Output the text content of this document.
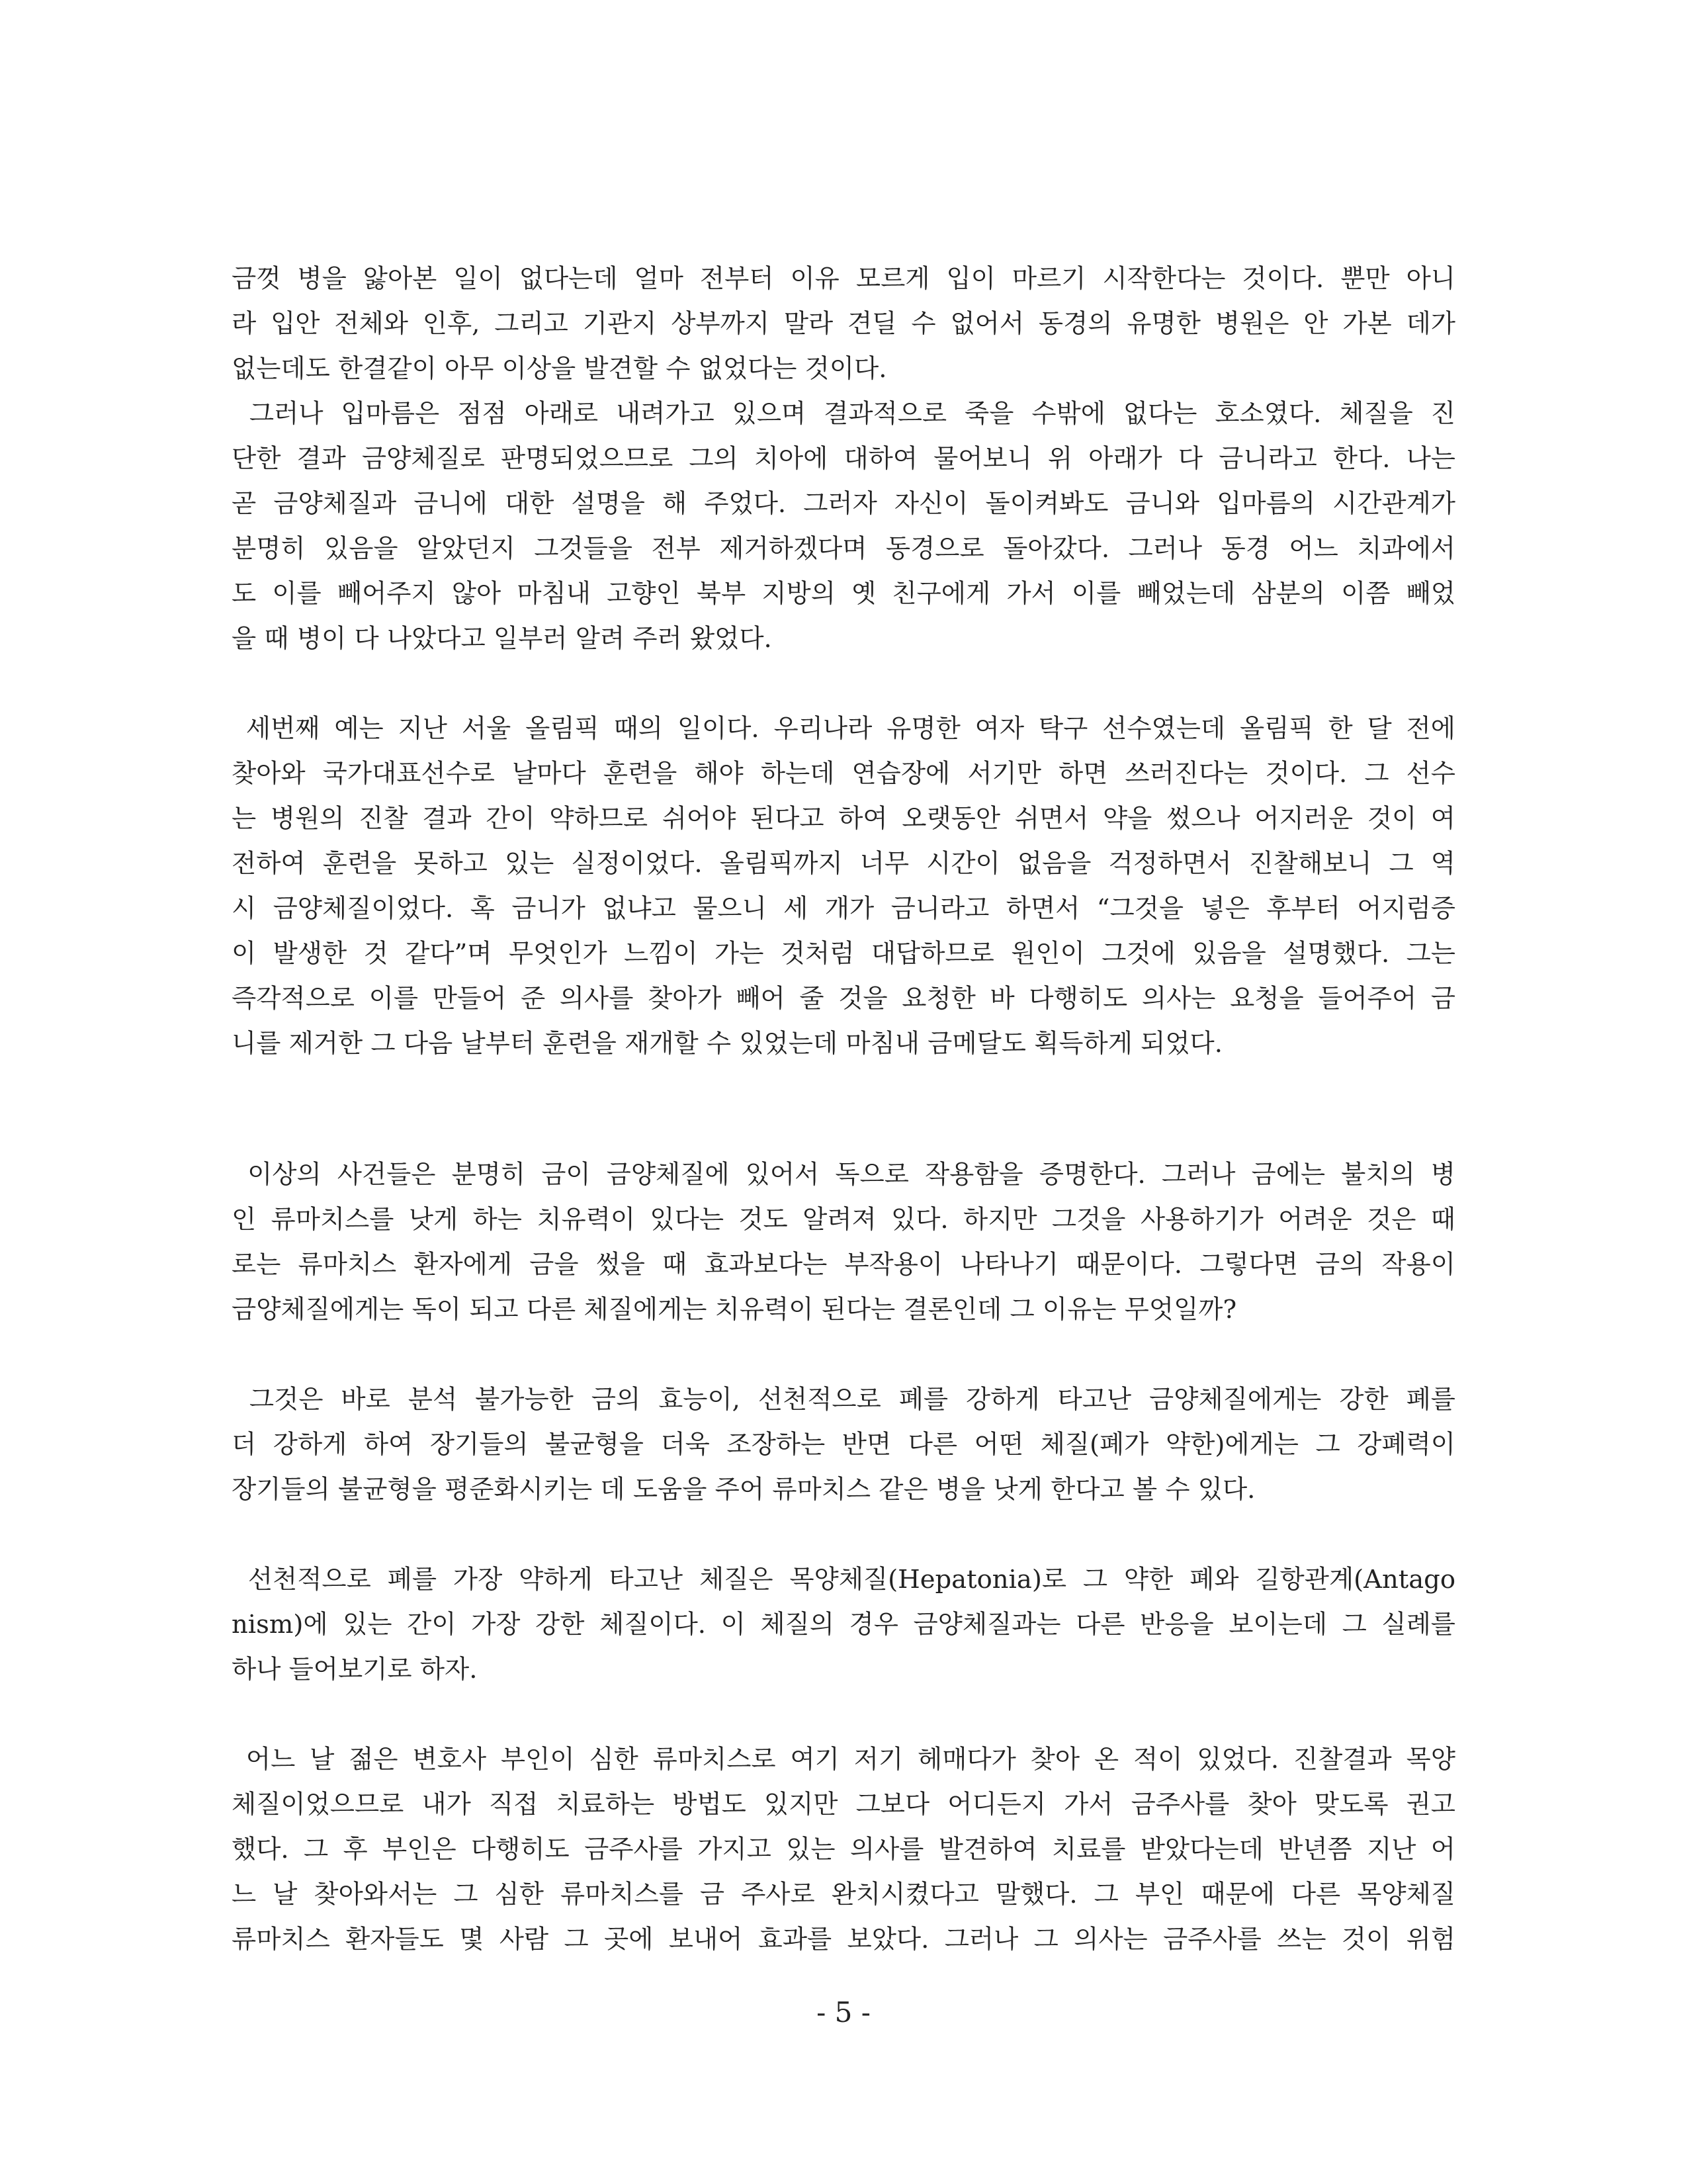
금껏 병을 앓아본 일이 없다는데 얼마 전부터 이유 모르게 입이 마르기 시작한다는 것이다. 뿐만 아니
라 입안 전체와 인후, 그리고 기관지 상부까지 말라 견딜 수 없어서 동경의 유명한 병원은 안 가본 데가
없는데도 한결같이 아무 이상을 발견할 수 없었다는 것이다.

그러나 입마름은 점점 아래로 내려가고 있으며 결과적으로 죽을 수밖에 없다는 호소였다. 체질을 진
단한 결과 금양체질로 판명되었으므로 그의 치아에 대하여 물어보니 위 아래가 다 금니라고 한다. 나는
곧 금양체질과 금니에 대한 설명을 해 주었다. 그러자 자신이 돌이켜봐도 금니와 입마름의 시간관계가
분명히 있음을 알았던지 그것들을 전부 제거하겠다며 동경으로 돌아갔다. 그러나 동경 어느 치과에서
도 이를 빼어주지 않아 마침내 고향인 북부 지방의 옛 친구에게 가서 이를 빼었는데 삼분의 이쯤 빼었
을 때 병이 다 나았다고 일부러 알려 주러 왔었다.

세번째 예는 지난 서울 올림픽 때의 일이다. 우리나라 유명한 여자 탁구 선수였는데 올림픽 한 달 전에
찾아와 국가대표선수로 날마다 훈련을 해야 하는데 연습장에 서기만 하면 쓰러진다는 것이다. 그 선수
는 병원의 진찰 결과 간이 약하므로 쉬어야 된다고 하여 오랫동안 쉬면서 약을 썼으나 어지러운 것이 여
전하여 훈련을 못하고 있는 실정이었다. 올림픽까지 너무 시간이 없음을 걱정하면서 진찰해보니 그 역
시 금양체질이었다. 혹 금니가 없냐고 물으니 세 개가 금니라고 하면서 “그것을 넣은 후부터 어지럼증
이 발생한 것 같다”며 무엇인가 느낌이 가는 것처럼 대답하므로 원인이 그것에 있음을 설명했다. 그는
즉각적으로 이를 만들어 준 의사를 찾아가 빼어 줄 것을 요청한 바 다행히도 의사는 요청을 들어주어 금
니를 제거한 그 다음 날부터 훈련을 재개할 수 있었는데 마침내 금메달도 획득하게 되었다.

이상의 사건들은 분명히 금이 금양체질에 있어서 독으로 작용함을 증명한다. 그러나 금에는 불치의 병
인 류마치스를 낫게 하는 치유력이 있다는 것도 알려져 있다. 하지만 그것을 사용하기가 어려운 것은 때
로는 류마치스 환자에게 금을 썼을 때 효과보다는 부작용이 나타나기 때문이다. 그렇다면 금의 작용이
금양체질에게는 독이 되고 다른 체질에게는 치유력이 된다는 결론인데 그 이유는 무엇일까?

그것은 바로 분석 불가능한 금의 효능이, 선천적으로 폐를 강하게 타고난 금양체질에게는 강한 폐를
더 강하게 하여 장기들의 불균형을 더욱 조장하는 반면 다른 어떤 체질(폐가 약한)에게는 그 강폐력이
장기들의 불균형을 평준화시키는 데 도움을 주어 류마치스 같은 병을 낫게 한다고 볼 수 있다.

선천적으로 폐를 가장 약하게 타고난 체질은 목양체질(Hepatonia)로 그 약한 폐와 길항관계(Antago
nism)에 있는 간이 가장 강한 체질이다. 이 체질의 경우 금양체질과는 다른 반응을 보이는데 그 실례를
하나 들어보기로 하자.

어느 날 젊은 변호사 부인이 심한 류마치스로 여기 저기 헤매다가 찾아 온 적이 있었다. 진찰결과 목양
체질이었으므로 내가 직접 치료하는 방법도 있지만 그보다 어디든지 가서 금주사를 찾아 맞도록 권고
했다. 그 후 부인은 다행히도 금주사를 가지고 있는 의사를 발견하여 치료를 받았다는데 반년쯤 지난 어
느 날 찾아와서는 그 심한 류마치스를 금 주사로 완치시켰다고 말했다. 그 부인 때문에 다른 목양체질
류마치스 환자들도 몇 사람 그 곳에 보내어 효과를 보았다. 그러나 그 의사는 금주사를 쓰는 것이 위험

- 5 -
